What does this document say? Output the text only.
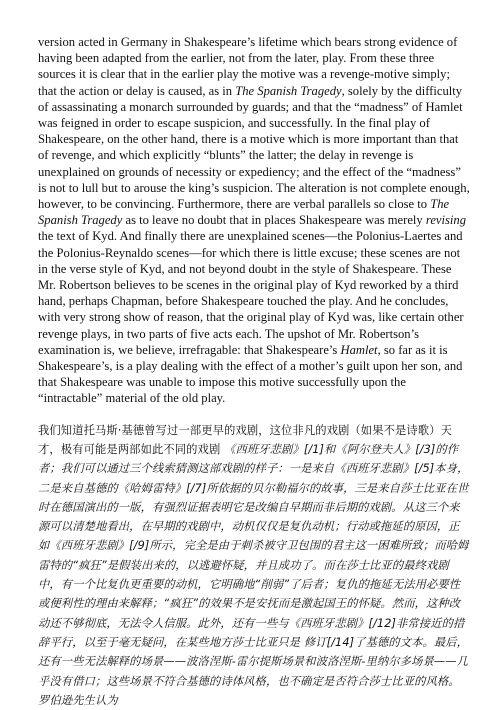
version acted in Germany in Shakespeare’s lifetime which bears strong evidence of having been adapted from the earlier, not from the later, play. From these three sources it is clear that in the earlier play the motive was a revenge-motive simply; that the action or delay is caused, as in The Spanish Tragedy, solely by the difficulty of assassinating a monarch surrounded by guards; and that the “madness” of Hamlet was feigned in order to escape suspicion, and successfully. In the final play of Shakespeare, on the other hand, there is a motive which is more important than that of revenge, and which explicitly “blunts” the latter; the delay in revenge is unexplained on grounds of necessity or expediency; and the effect of the “madness” is not to lull but to arouse the king’s suspicion. The alteration is not complete enough, however, to be convincing. Furthermore, there are verbal parallels so close to The Spanish Tragedy as to leave no doubt that in places Shakespeare was merely revising the text of Kyd. And finally there are unexplained scenes—the Polonius-Laertes and the Polonius-Reynaldo scenes—for which there is little excuse; these scenes are not in the verse style of Kyd, and not beyond doubt in the style of Shakespeare. These Mr. Robertson believes to be scenes in the original play of Kyd reworked by a third hand, perhaps Chapman, before Shakespeare touched the play. And he concludes, with very strong show of reason, that the original play of Kyd was, like certain other revenge plays, in two parts of five acts each. The upshot of Mr. Robertson’s examination is, we believe, irrefragable: that Shakespeare’s Hamlet, so far as it is Shakespeare’s, is a play dealing with the effect of a mother’s guilt upon her son, and that Shakespeare was unable to impose this motive successfully upon the “intractable” material of the old play.

我们知道托马斯·基德曾写过一部更早的戏剧，这位非凡的戏剧（如果不是诗歌）天才，极有可能是两部如此不同的戏剧 《西班牙悲剧》[/1]和《阿尔登夫人》[/3]的作者；我们可以通过三个线索猜测这部戏剧的样子：一是来自《西班牙悲剧》[/5]本身，二是来自基德的《哈姆雷特》[/7]所依据的贝尔勒福尔的故事，三是来自莎士比亚在世时在德国演出的一版，有强烈证据表明它是改编自早期而非后期的戏剧。从这三个来源可以清楚地看出，在早期的戏剧中，动机仅仅是复仇动机；行动或拖延的原因，正如《西班牙悲剧》[/9]所示，完全是由于刺杀被守卫包围的君主这一困难所致；而哈姆雷特的“疯狂”是假装出来的，以逃避怀疑，并且成功了。而在莎士比亚的最终戏剧中，有一个比复仇更重要的动机，它明确地“削弱”了后者；复仇的拖延无法用必要性或便利性的理由来解释；“疯狂”的效果不是安抚而是激起国王的怀疑。然而，这种改动还不够彻底，无法令人信服。此外，还有一些与《西班牙悲剧》[/12]非常接近的措辞平行，以至于毫无疑问，在某些地方莎士比亚只是 修订[/14]了基德的文本。最后，还有一些无法解释的场景——波洛涅斯-雷尔提斯场景和波洛涅斯-里纳尔多场景——几乎没有借口；这些场景不符合基德的诗体风格，也不确定是否符合莎士比亚的风格。罗伯逊先生认为
